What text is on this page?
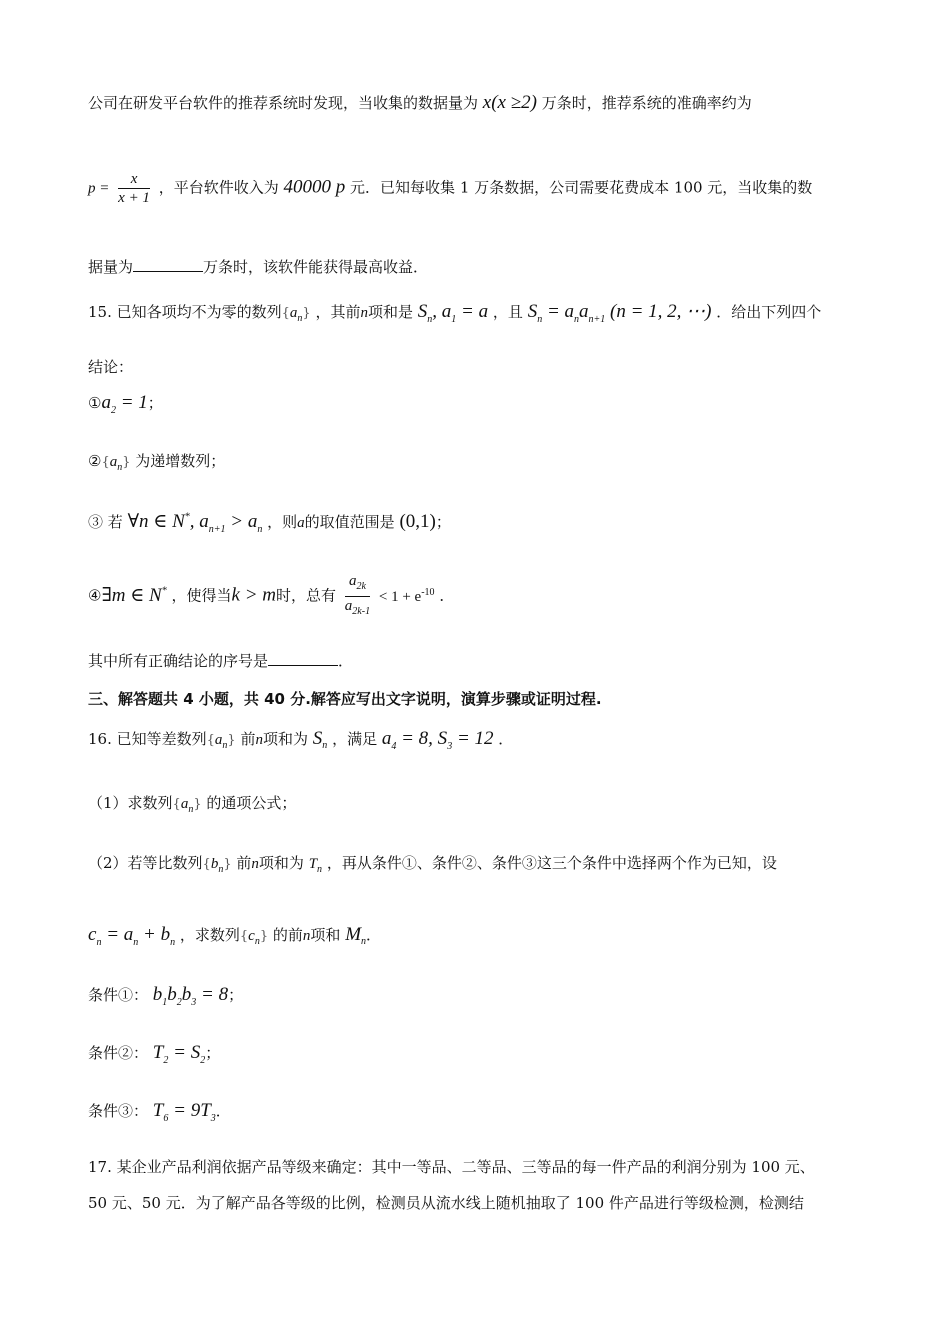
公司在研发平台软件的推荐系统时发现，当收集的数据量为 x(x ≥2) 万条时，推荐系统的准确率约为
$p = \frac{x}{x + 1}$ ，平台软件收入为 40000 p 元．已知每收集 1 万条数据，公司需要花费成本 100 元，当收集的数
据量为	万条时，该软件能获得最高收益．
15. 已知各项均不为零的数列$\{a_n\}$ ，其前n项和是 $S_n$, $a_1 = a$ ，且 $S_n = a_na_{n+1}$ (n = 1, 2, ⋯) ．给出下列四个
结论：
$①a_2 = 1$；
$②\{a_n\}$ 为递增数列；
③ 若 ∀n ∈ N*, $a_{n+1} > a_n$ ，则a的取值范围是 (0,1)；
④∃m ∈ N* ，使得当k > m时，总有 $\frac{a_{2k}}{a_{2k-1}} < 1 + e^{-10}$ ．
其中所有正确结论的序号是	．
三、解答题共 4 小题，共 40 分.解答应写出文字说明，演算步骤或证明过程.
16. 已知等差数列$\{a_n\}$ 前n项和为 $S_n$ ，满足 $a_4 = 8$, $S_3 = 12$ ．
（1）求数列$\{a_n\}$ 的通项公式；
（2）若等比数列$\{b_n\}$ 前n项和为 $T_n$ ，再从条件①、条件②、条件③这三个条件中选择两个作为已知，设
$c_n = a_n + b_n$ ，求数列$\{c_n\}$ 的前n项和 $M_n$．
条件①： $b_1b_2b_3 = 8$；
条件②： $T_2 = S_2$；
条件③： $T_6 = 9T_3$．
17. 某企业产品利润依据产品等级来确定：其中一等品、二等品、三等品的每一件产品的利润分别为 100 元、
50 元、50 元．为了解产品各等级的比例，检测员从流水线上随机抽取了 100 件产品进行等级检测，检测结
